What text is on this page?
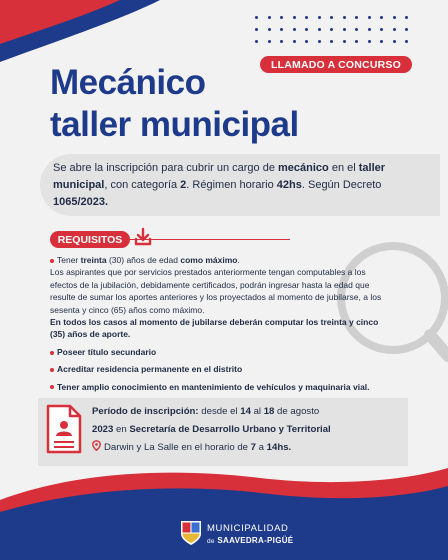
LLAMADO A CONCURSO
Mecánico
taller municipal
Se abre la inscripción para cubrir un cargo de mecánico en el taller municipal, con categoría 2. Régimen horario 42hs. Según Decreto 1065/2023.
REQUISITOS

Tener treinta (30) años de edad como máximo.

Los aspirantes que por servicios prestados anteriormente tengan computables a los efectos de la jubilación, debidamente certificados, podrán ingresar hasta la edad que resulte de sumar los aportes anteriores y los proyectados al momento de jubilarse, a los sesenta y cinco (65) años como máximo.

En todos los casos al momento de jubilarse deberán computar los treinta y cinco (35) años de aporte.

Poseer título secundario

Acreditar residencia permanente en el distrito

Tener amplio conocimiento en mantenimiento de vehículos y maquinaria vial.

Período de inscripción: desde el 14 al 18 de agosto
2023 en Secretaría de Desarrollo Urbano y Territorial
Darwin y La Salle en el horario de 7 a 14hs.
MUNICIPALIDAD
de SAAVEDRA-PIGÜÉ
